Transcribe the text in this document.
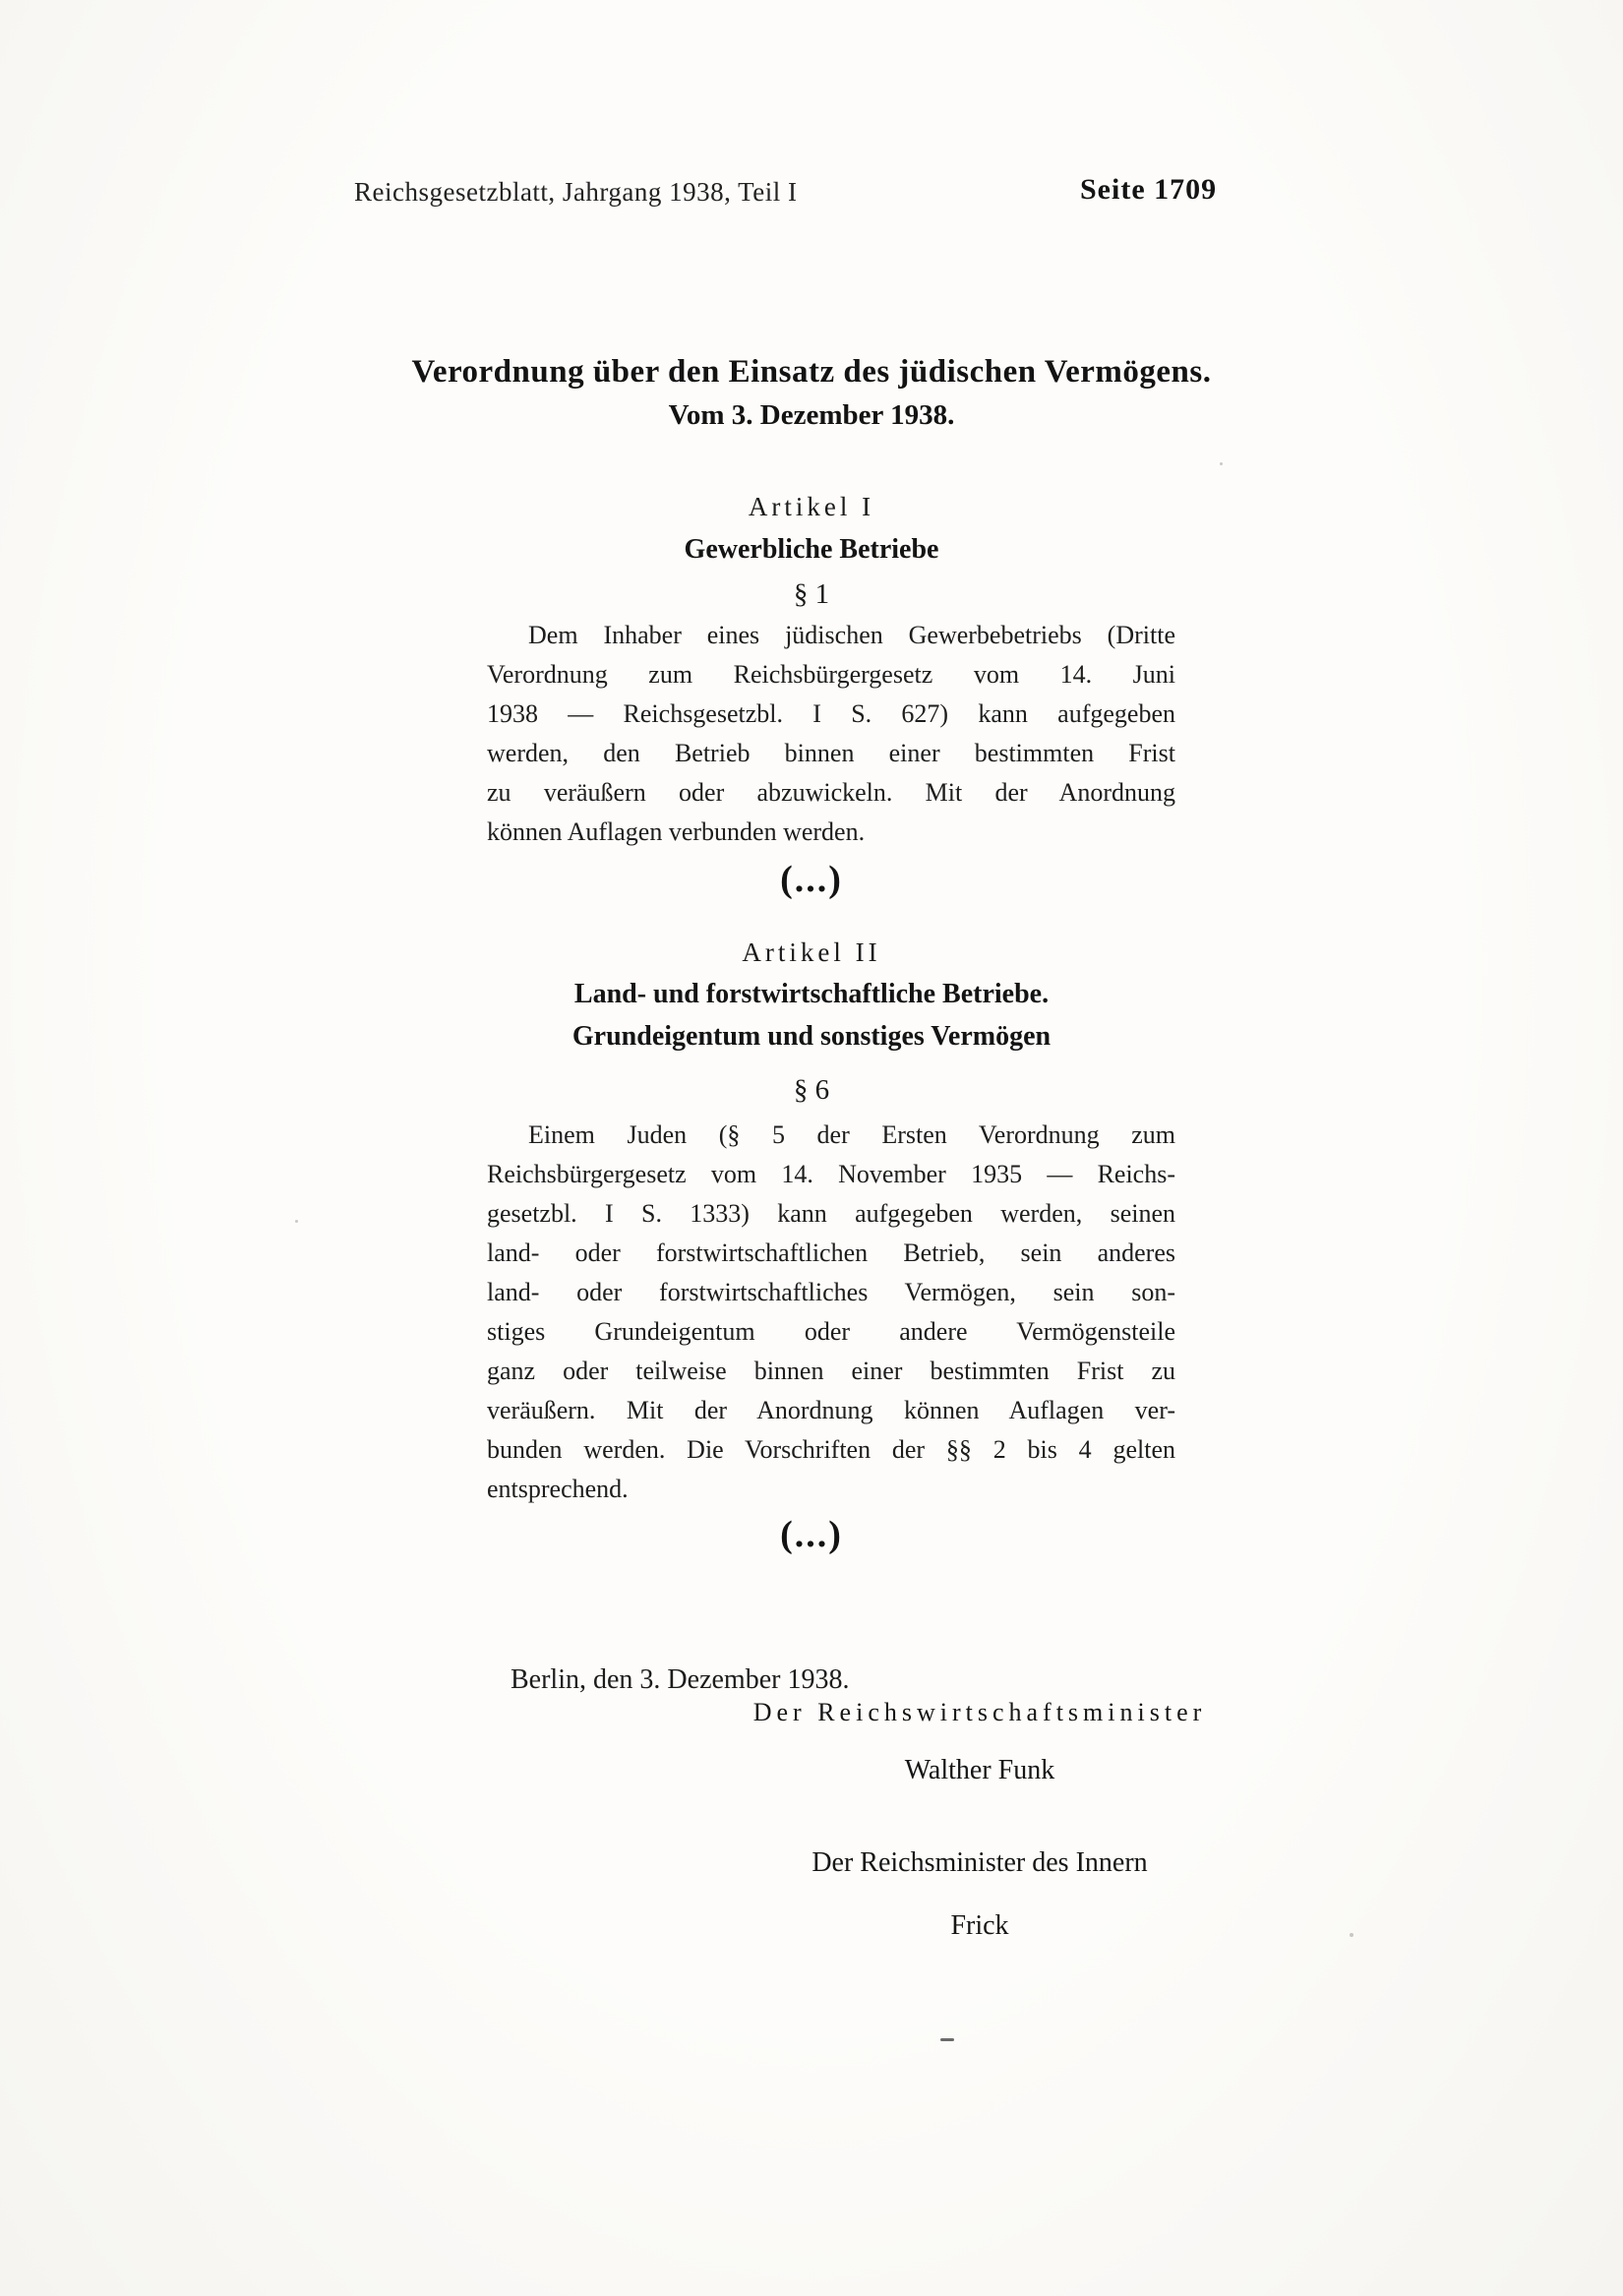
Reichsgesetzblatt, Jahrgang 1938, Teil I	Seite 1709
Verordnung über den Einsatz des jüdischen Vermögens.
Vom 3. Dezember 1938.
Artikel I
Gewerbliche Betriebe
§ 1
Dem Inhaber eines jüdischen Gewerbebetriebs (Dritte
Verordnung zum Reichsbürgergesetz vom 14. Juni
1938 — Reichsgesetzbl. I S. 627) kann aufgegeben
werden, den Betrieb binnen einer bestimmten Frist
zu veräußern oder abzuwickeln. Mit der Anordnung
können Auflagen verbunden werden.
(...)
Artikel II
Land- und forstwirtschaftliche Betriebe.
Grundeigentum und sonstiges Vermögen
§ 6
Einem Juden (§ 5 der Ersten Verordnung zum
Reichsbürgergesetz vom 14. November 1935 — Reichs-
gesetzbl. I S. 1333) kann aufgegeben werden, seinen
land- oder forstwirtschaftlichen Betrieb, sein anderes
land- oder forstwirtschaftliches Vermögen, sein son-
stiges Grundeigentum oder andere Vermögensteile
ganz oder teilweise binnen einer bestimmten Frist zu
veräußern. Mit der Anordnung können Auflagen ver-
bunden werden. Die Vorschriften der §§ 2 bis 4 gelten
entsprechend.
(...)
Berlin, den 3. Dezember 1938.
Der Reichswirtschaftsminister
Walther Funk
Der Reichsminister des Innern
Frick
